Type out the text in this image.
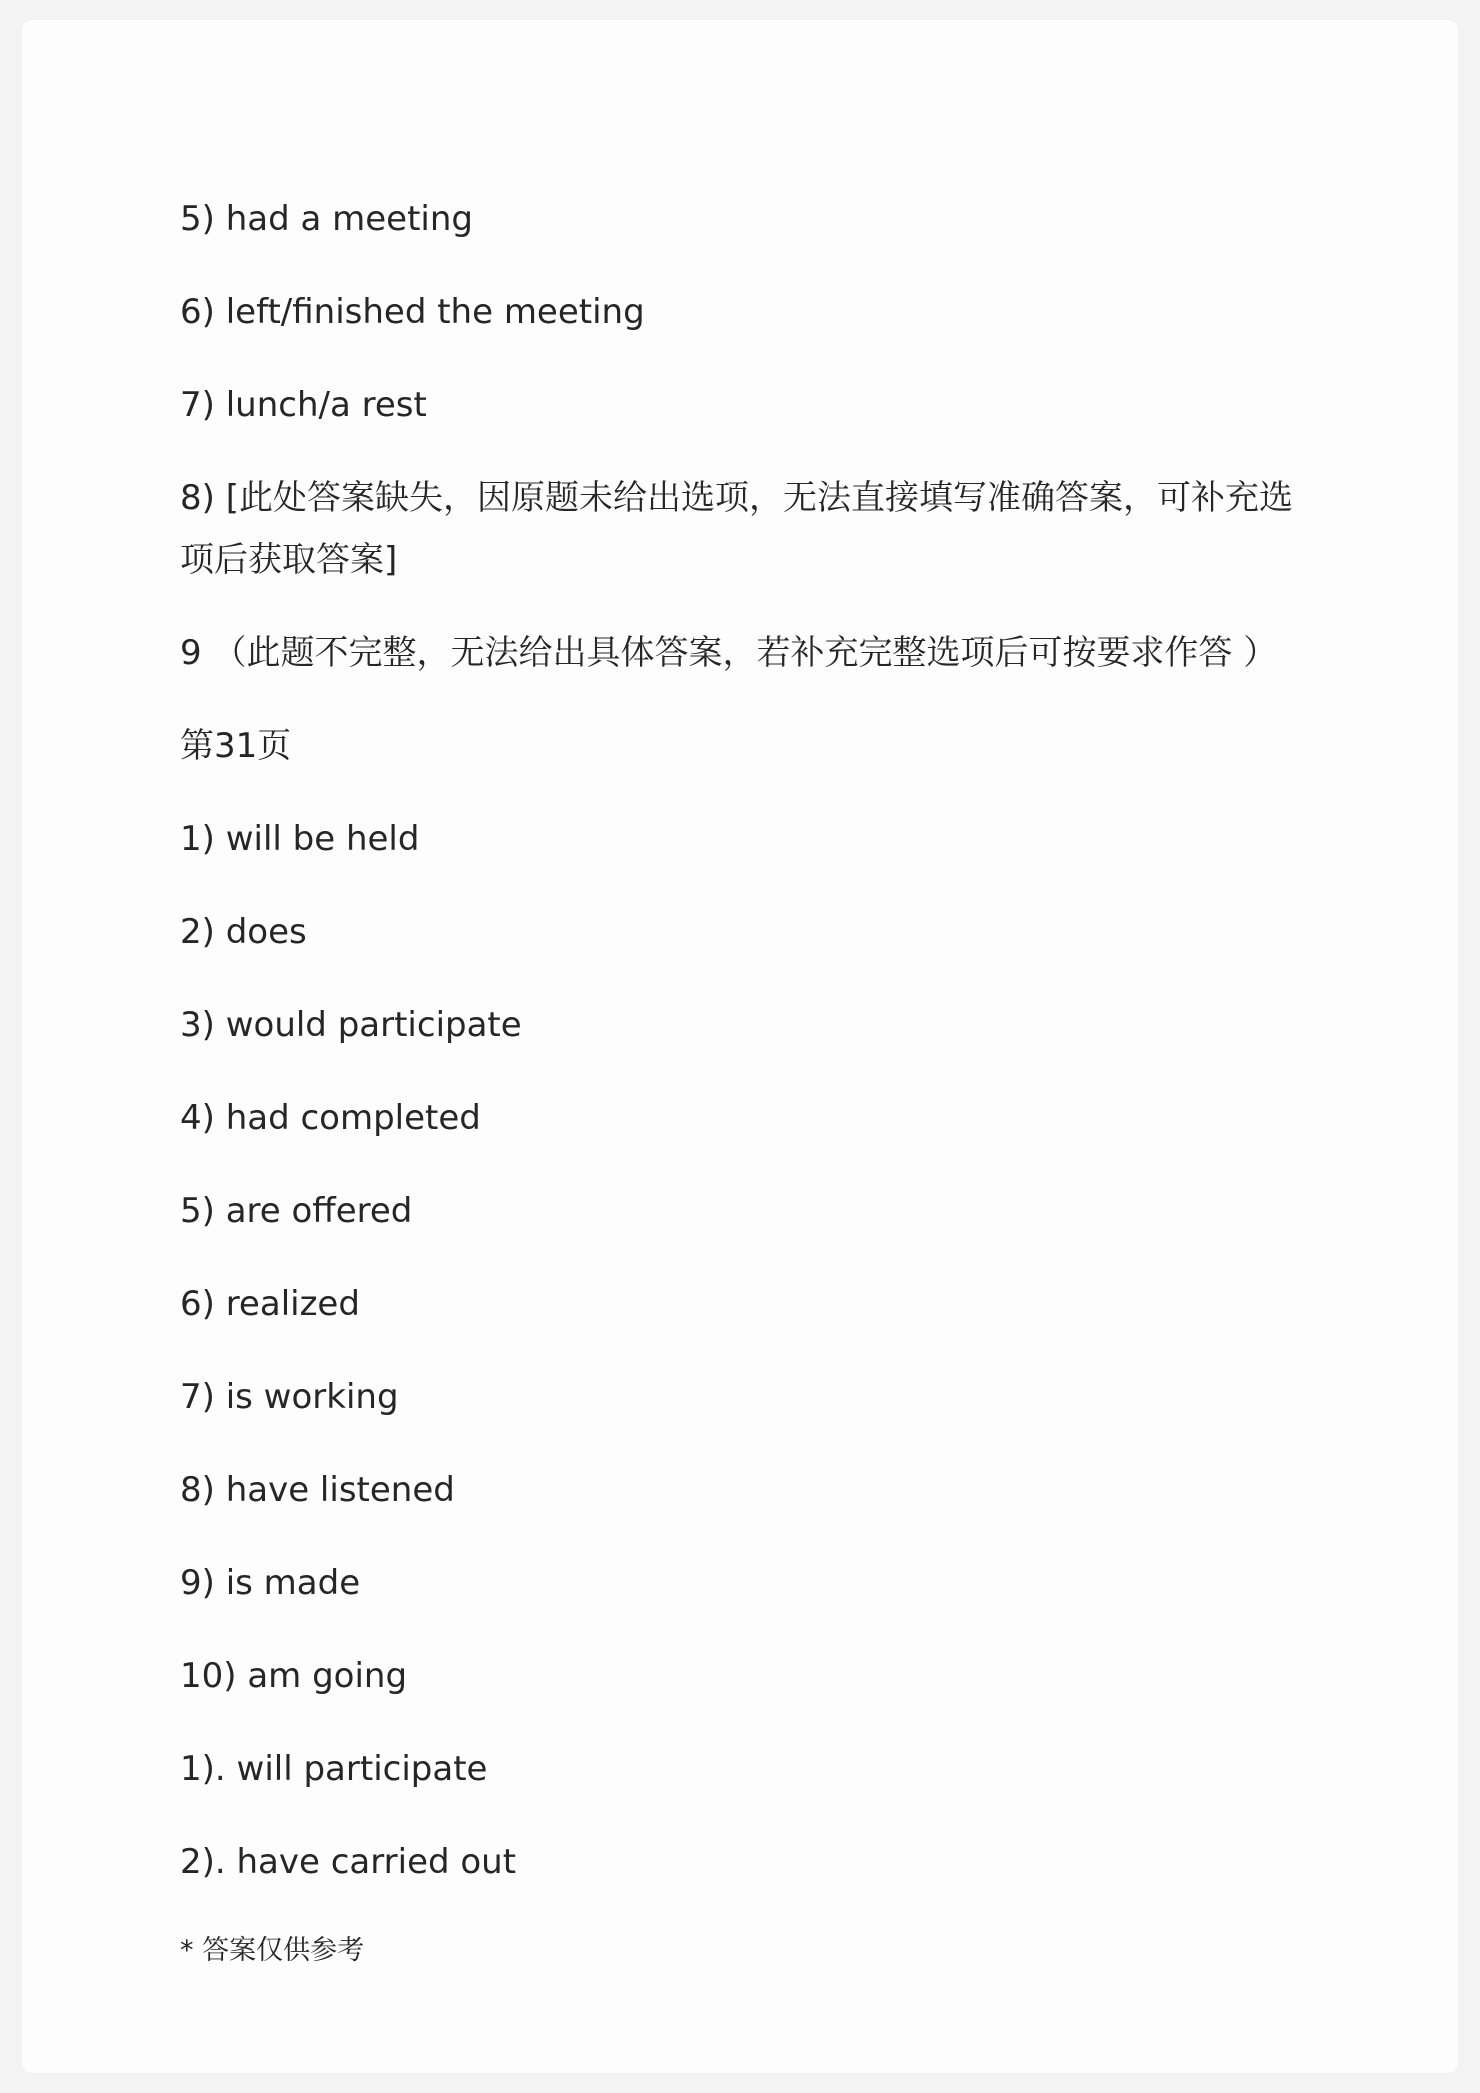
5) had a meeting
6) left/finished the meeting
7) lunch/a rest
8) [此处答案缺失，因原题未给出选项，无法直接填写准确答案，可补充选项后获取答案]
9 （此题不完整，无法给出具体答案，若补充完整选项后可按要求作答 ）
第31页
1) will be held
2) does
3) would participate
4) had completed
5) are offered
6) realized
7) is working
8) have listened
9) is made
10) am going
1). will participate
2). have carried out
* 答案仅供参考
